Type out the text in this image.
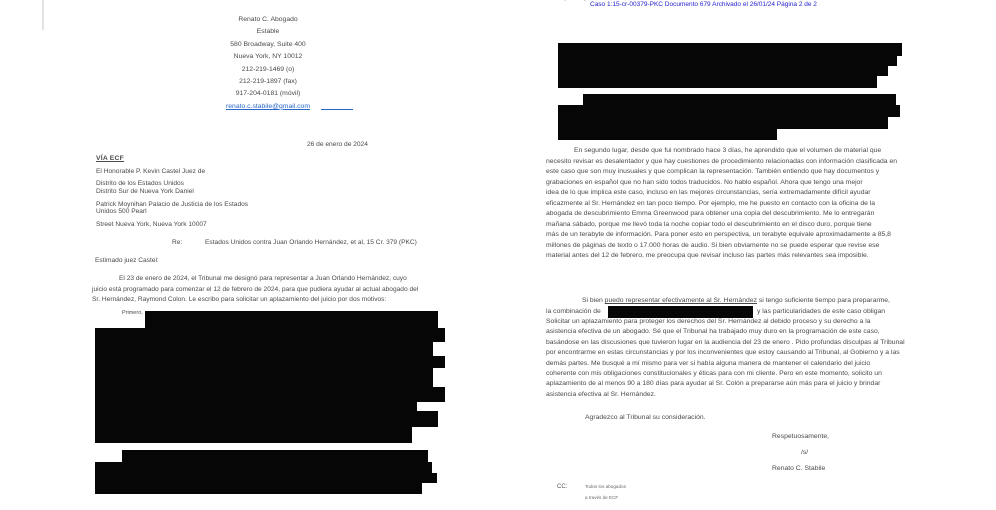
Renato C. Abogado
Estable
580 Broadway, Suite 400
Nueva York, NY 10012
212-219-1469 (o)
212-219-1897 (fax)
917-204-0181 (móvil)
renato.c.stabile@gmail.com
26 de enero de 2024
VÍA ECF
El Honorable P. Kevin Castel Juez de
Distrito de los Estados Unidos
Distrito Sur de Nueva York Daniel
Patrick Moynihan Palacio de Justicia de los Estados
Unidos 500 Pearl
Street Nueva York, Nueva York 10007
Re:	Estados Unidos contra Juan Orlando Hernández, et al, 15 Cr. 379 (PKC)
Estimado juez Castel:
El 23 de enero de 2024, el Tribunal me designó para representar a Juan Orlando Hernández, cuyo
juicio está programado para comenzar el 12 de febrero de 2024, para que pudiera ayudar al actual abogado del
Sr. Hernández, Raymond Colon. Le escribo para solicitar un aplazamiento del juicio por dos motivos:
Primero,
Caso 1:15-cr-00379-PKC Documento 679 Archivado el 26/01/24 Página 2 de 2
En segundo lugar, desde que fui nombrado hace 3 días, he aprendido que el volumen de material que
necesito revisar es desalentador y que hay cuestiones de procedimiento relacionadas con información clasificada en
este caso que son muy inusuales y que complican la representación. También entiendo que hay documentos y
grabaciones en español que no han sido todos traducidos. No hablo español. Ahora que tengo una mejor
idea de lo que implica este caso, incluso en las mejores circunstancias, sería extremadamente difícil ayudar
eficazmente al Sr. Hernández en tan poco tiempo. Por ejemplo, me he puesto en contacto con la oficina de la
abogada de descubrimiento Emma Greenwood para obtener una copia del descubrimiento. Me lo entregarán
mañana sábado, porque me llevó toda la noche copiar todo el descubrimiento en el disco duro, porque tiene
más de un terabyte de información. Para poner esto en perspectiva, un terabyte equivale aproximadamente a 85,8
millones de páginas de texto o 17.000 horas de audio. Si bien obviamente no se puede esperar que revise ese
material antes del 12 de febrero, me preocupa que revisar incluso las partes más relevantes sea imposible.
Si bien puedo representar efectivamente al Sr. Hernández si tengo suficiente tiempo para prepararme,
la combinación de	y las particularidades de este caso obligan
Solicitar un aplazamiento para proteger los derechos del Sr. Hernández al debido proceso y su derecho a la
asistencia efectiva de un abogado. Sé que el Tribunal ha trabajado muy duro en la programación de este caso,
basándose en las discusiones que tuvieron lugar en la audiencia del 23 de enero . Pido profundas disculpas al Tribunal
por encontrarme en estas circunstancias y por los inconvenientes que estoy causando al Tribunal, al Gobierno y a las
demás partes. Me busqué a mí mismo para ver si había alguna manera de mantener el calendario del juicio
coherente con mis obligaciones constitucionales y éticas para con mi cliente. Pero en este momento, solicito un
aplazamiento de al menos 90 a 180 días para ayudar al Sr. Colón a prepararse aún más para el juicio y brindar
asistencia efectiva al Sr. Hernández.
Agradezco al Tribunal su consideración.
Respetuosamente,
/s/
Renato C. Stabile
CC:	Todos los abogados
a través de ECF
